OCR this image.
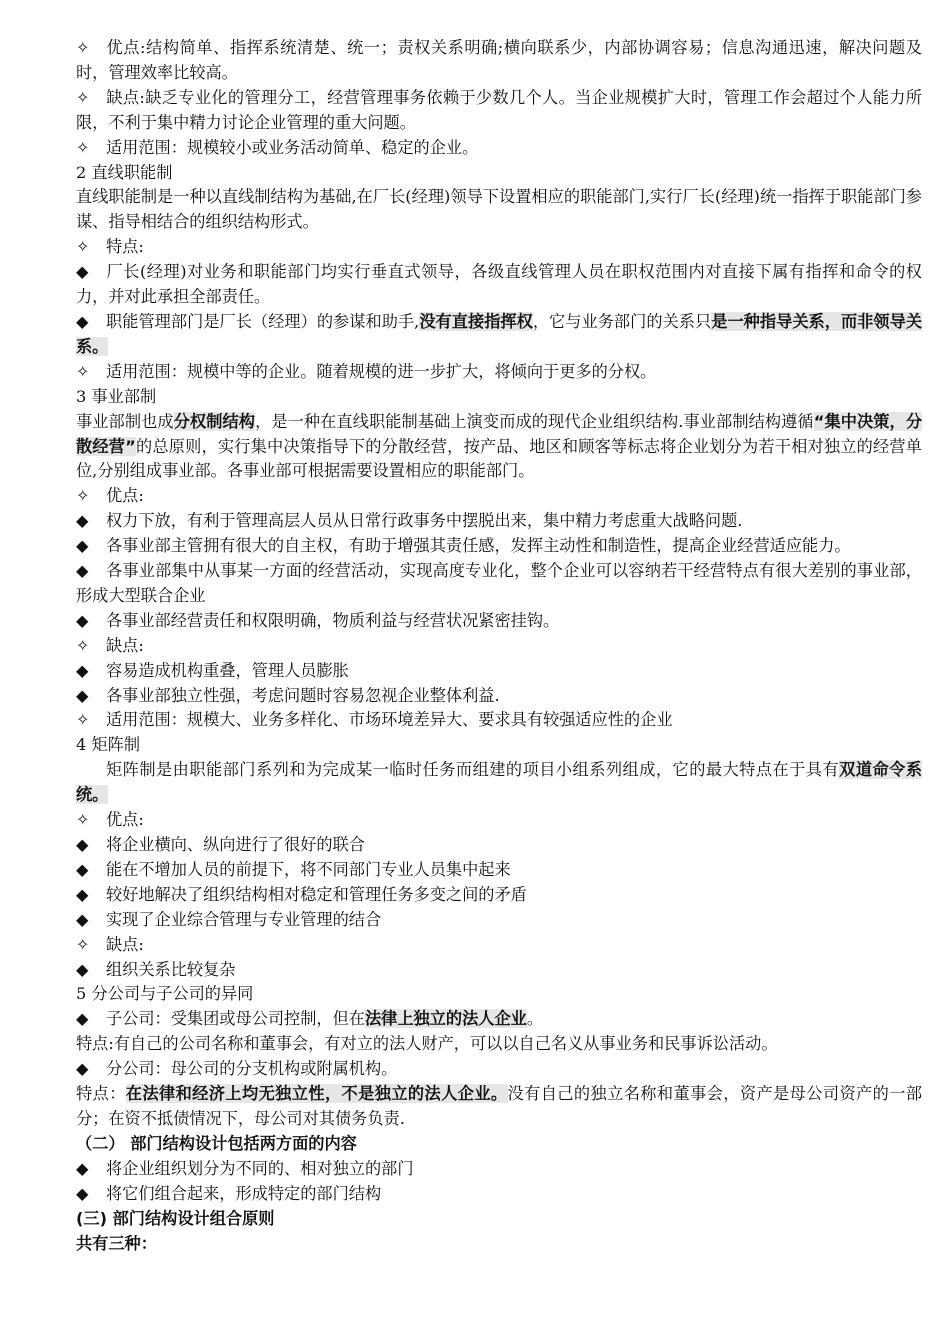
✧ 优点:结构简单、指挥系统清楚、统一；责权关系明确;横向联系少，内部协调容易；信息沟通迅速，解决问题及时，管理效率比较高。
✧ 缺点:缺乏专业化的管理分工，经营管理事务依赖于少数几个人。当企业规模扩大时，管理工作会超过个人能力所限，不利于集中精力讨论企业管理的重大问题。
✧ 适用范围：规模较小或业务活动简单、稳定的企业。
2 直线职能制
直线职能制是一种以直线制结构为基础,在厂长(经理)领导下设置相应的职能部门,实行厂长(经理)统一指挥于职能部门参谋、指导相结合的组织结构形式。
✧ 特点:
◆ 厂长(经理)对业务和职能部门均实行垂直式领导，各级直线管理人员在职权范围内对直接下属有指挥和命令的权力，并对此承担全部责任。
◆ 职能管理部门是厂长（经理）的参谋和助手,没有直接指挥权，它与业务部门的关系只是一种指导关系，而非领导关系。
✧ 适用范围：规模中等的企业。随着规模的进一步扩大，将倾向于更多的分权。
3 事业部制
事业部制也成分权制结构，是一种在直线职能制基础上演变而成的现代企业组织结构.事业部制结构遵循“集中决策，分散经营”的总原则，实行集中决策指导下的分散经营，按产品、地区和顾客等标志将企业划分为若干相对独立的经营单位,分别组成事业部。各事业部可根据需要设置相应的职能部门。
✧ 优点:
◆ 权力下放，有利于管理高层人员从日常行政事务中摆脱出来，集中精力考虑重大战略问题.
◆ 各事业部主管拥有很大的自主权，有助于增强其责任感，发挥主动性和制造性，提高企业经营适应能力。
◆ 各事业部集中从事某一方面的经营活动，实现高度专业化，整个企业可以容纳若干经营特点有很大差别的事业部，形成大型联合企业
◆ 各事业部经营责任和权限明确，物质利益与经营状况紧密挂钩。
✧ 缺点:
◆ 容易造成机构重叠，管理人员膨胀
◆ 各事业部独立性强，考虑问题时容易忽视企业整体利益.
✧ 适用范围：规模大、业务多样化、市场环境差异大、要求具有较强适应性的企业
4 矩阵制
矩阵制是由职能部门系列和为完成某一临时任务而组建的项目小组系列组成，它的最大特点在于具有双道命令系统。
✧ 优点:
◆ 将企业横向、纵向进行了很好的联合
◆ 能在不增加人员的前提下，将不同部门专业人员集中起来
◆ 较好地解决了组织结构相对稳定和管理任务多变之间的矛盾
◆ 实现了企业综合管理与专业管理的结合
✧ 缺点:
◆ 组织关系比较复杂
5 分公司与子公司的异同
◆ 子公司：受集团或母公司控制，但在法律上独立的法人企业。
特点:有自己的公司名称和董事会，有对立的法人财产，可以以自己名义从事业务和民事诉讼活动。
◆ 分公司：母公司的分支机构或附属机构。
特点：在法律和经济上均无独立性，不是独立的法人企业。没有自己的独立名称和董事会，资产是母公司资产的一部分；在资不抵债情况下，母公司对其债务负责.
（二） 部门结构设计包括两方面的内容
◆ 将企业组织划分为不同的、相对独立的部门
◆ 将它们组合起来，形成特定的部门结构
(三) 部门结构设计组合原则
共有三种：
